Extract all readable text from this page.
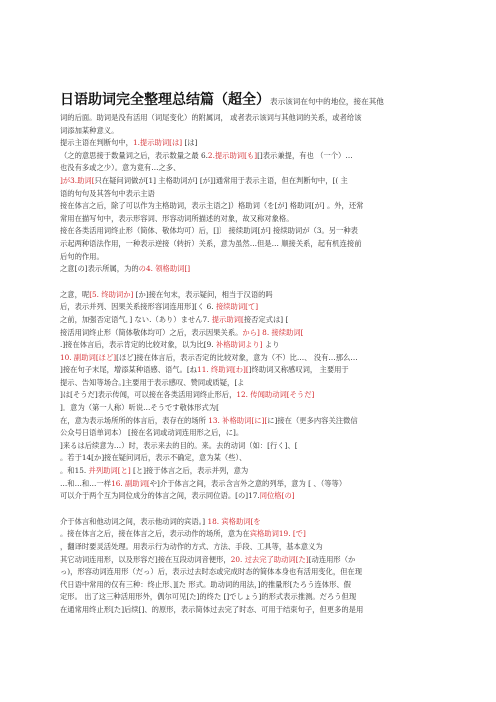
日语助词完全整理总结篇（超全）表示该词在句中的地位，接在其他
词的后面。助词是没有活用（词尾变化）的附属词， 或者表示该词与其他词的关系，或者给该
词添加某种意义。
提示主语在判断句中，1.提示助词[は] [は]
（之的意思接于数量词之后，表示数量之最 6.2.提示助词[も][]表示兼提，有也 （一个）…
也没有多或之少）。意为竟有…之多、
]が3.助词[只在疑问词做が[1] 主格助词が] [が]]通常用于表示主语，但在判断句中，[( 主
语的句句及其答句中表示主语
接在体言之后，除了可以作为主格助词，表示主语之]）格助词（を[が] 格助词[が] 。外，还常
常用在描写句中，表示形容词、形容动词所描述的对象，故又称对象格。
接在各类活用词终止形（简体、敬体均可）后，[]〕 接续助词[が] 接续助词が（3。另一种表
示起两种语法作用，一种表示逆接（转折）关系，意为虽然…但是… 顺接关系，起有机连接前
后句的作用。
之意[の]表示所属，为的の4. 领格助词[]
之意，呢[5. 终助词か] [か]接在句末，表示疑问，相当于汉语的吗
后，表示并列、因果关系接形容词连用形][く 6. 接续助词[て]
之前，加强否定语气．] ない.（あり）ません7. 提示助词[接否定式は] [
接活用词终止形（简体敬体均可）之后，表示因果关系。から] 8. 接续助词[
.]接在体言后，表示肯定的比较对象，以为比[9. 补格助词より] より
10. 副助词[ほど][ほど]接在体言后，表示否定的比较对象，意为（不）比…、 没有…那么…
]接在句子末尾，增添某种语感、语气。[ね11. 终助词[わ][]终助词又称感叹词， 主要用于
提示、告知等场合。]主要用于表示感叹、赞同或质疑，[よ
]は[そうだ]表示传闻，可以接在各类活用词终止形后，12. 传闻助动词[そうだ]
]．意为（第一人称）听说…そうです敬体形式为[
在，意为表示场所所的体言后，表存在的场所 13. 补格助词[に][に]接在（更多内容关注微信
公众号日语单词本） [接在名词或动词连用形之后，に]。
]来るは后续意为…）时，表示来去的目的。来。去的动词（如：[行く]、[
。若于14[か]接在疑问词后，表示不确定，意为某（些）、
。和15. 并列助词[と] [と]接于体言之后，表示并列，意为
…和…和…一样16. 副助词[や]介于体言之间，表示含言外之意的列举，意为 [ 、（等等）
可以介于两个互为同位成分的体言之间，表示同位语。[の]17.同位格[の]
介于体言和他动词之间，表示他动词的宾语。] 18. 宾格助词[を
。接在体言之后，接在体言之后，表示动作的场所，意为在宾格助词19. [で]
，翻译时要灵活处理。用表示行为动作的方式、方法、手段、工具等，基本意义为
其它动词连用形，以及形容だ]接在互段动词音便形，20. 过去完了助动词[た][动连用形（か
っ)，形容动词连用形（だっ）后，表示过去时态或完成时态的简体本身也有活用变化，但在现
代日语中常用的仅有三种：终止形、][た 形式。助动词的用法，]的推量形[たろう连体形、假
定形。 出了这三种活用形外，偶尔可见[た]的终た []でしょう]的形式表示推测。だろう但现
在通常用终止形[た]后续[]、的原形，表示简体过去完了时态、可用于结束句子，但更多的是用
